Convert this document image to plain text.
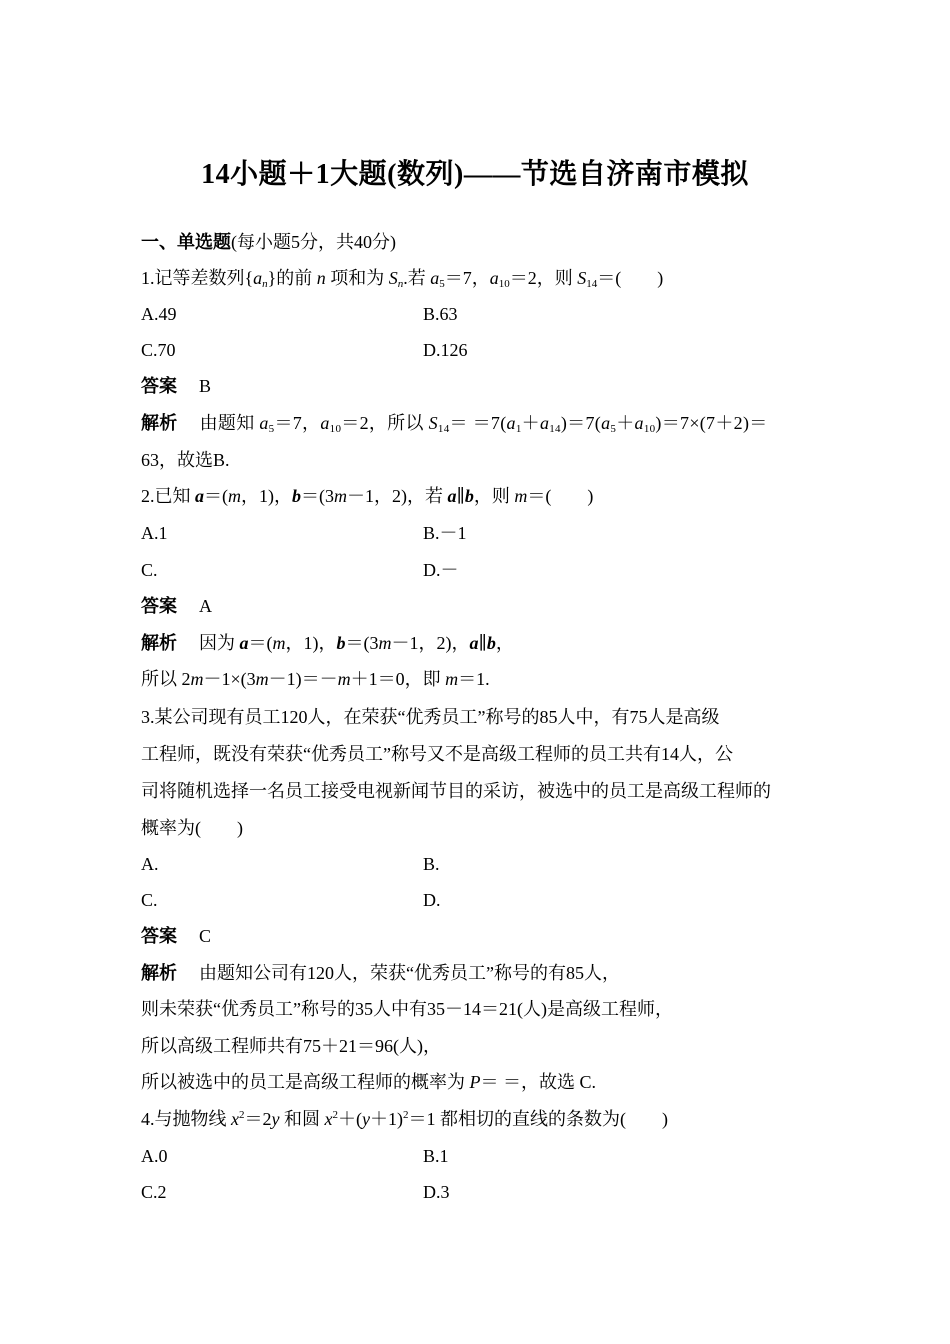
14小题＋1大题(数列)——节选自济南市模拟
一、单选题(每小题5分，共40分)
1.记等差数列$\{a_n\}$的前 n 项和为 $S_n$.若 $a_5=7$，$a_{10}=2$，则 $S_{14}=$(　　)
A.49	B.63
C.70	D.126
答案 B
解析 由题知 $a_5=7$，$a_{10}=2$，所以 $S_{14}= =7(a_1+a_{14})=7(a_5+a_{10})=7\times(7+2)=$
63，故选B.
2.已知 a＝(m，1)，b＝(3m－1，2)，若 a∥b，则 m＝(　　)
A.1	B.－1
C.	D.－
答案 A
解析 因为 a＝(m，1)，b＝(3m－1，2)，a∥b，
所以 2m－1×(3m－1)＝－m＋1＝0，即 m＝1.
3.某公司现有员工120人，在荣获“优秀员工”称号的85人中，有75人是高级
工程师，既没有荣获“优秀员工”称号又不是高级工程师的员工共有14人，公
司将随机选择一名员工接受电视新闻节目的采访，被选中的员工是高级工程师的
概率为(　　)
A.	B.
C.	D.
答案 C
解析 由题知公司有120人，荣获“优秀员工”称号的有85人，
则未荣获“优秀员工”称号的35人中有35－14＝21(人)是高级工程师，
所以高级工程师共有75＋21＝96(人)，
所以被选中的员工是高级工程师的概率为 P＝ ＝，故选 C.
4.与抛物线 $x^2=2y$ 和圆 $x^2+(y+1)^2=1$ 都相切的直线的条数为(　　)
A.0	B.1
C.2	D.3
